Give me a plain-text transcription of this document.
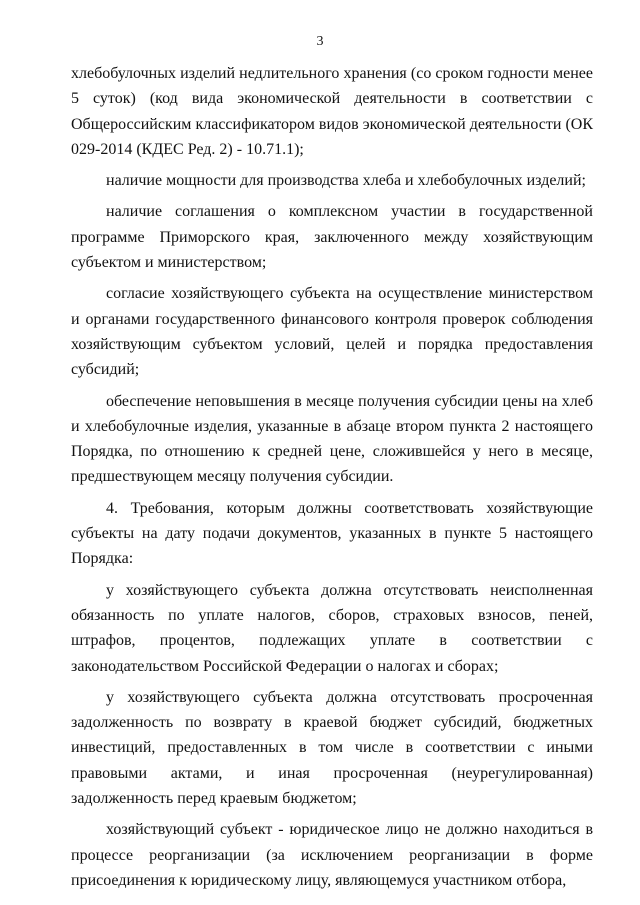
3

хлебобулочных изделий недлительного хранения (со сроком годности менее 5 суток) (код вида экономической деятельности в соответствии с Общероссийским классификатором видов экономической деятельности (ОК 029-2014 (КДЕС Ред. 2) - 10.71.1);

наличие мощности для производства хлеба и хлебобулочных изделий;

наличие соглашения о комплексном участии в государственной программе Приморского края, заключенного между хозяйствующим субъектом и министерством;

согласие хозяйствующего субъекта на осуществление министерством и органами государственного финансового контроля проверок соблюдения хозяйствующим субъектом условий, целей и порядка предоставления субсидий;

обеспечение неповышения в месяце получения субсидии цены на хлеб и хлебобулочные изделия, указанные в абзаце втором пункта 2 настоящего Порядка, по отношению к средней цене, сложившейся у него в месяце, предшествующем месяцу получения субсидии.

4. Требования, которым должны соответствовать хозяйствующие субъекты на дату подачи документов, указанных в пункте 5 настоящего Порядка:

у хозяйствующего субъекта должна отсутствовать неисполненная обязанность по уплате налогов, сборов, страховых взносов, пеней, штрафов, процентов, подлежащих уплате в соответствии с законодательством Российской Федерации о налогах и сборах;

у хозяйствующего субъекта должна отсутствовать просроченная задолженность по возврату в краевой бюджет субсидий, бюджетных инвестиций, предоставленных в том числе в соответствии с иными правовыми актами, и иная просроченная (неурегулированная) задолженность перед краевым бюджетом;

хозяйствующий субъект - юридическое лицо не должно находиться в процессе реорганизации (за исключением реорганизации в форме присоединения к юридическому лицу, являющемуся участником отбора,
